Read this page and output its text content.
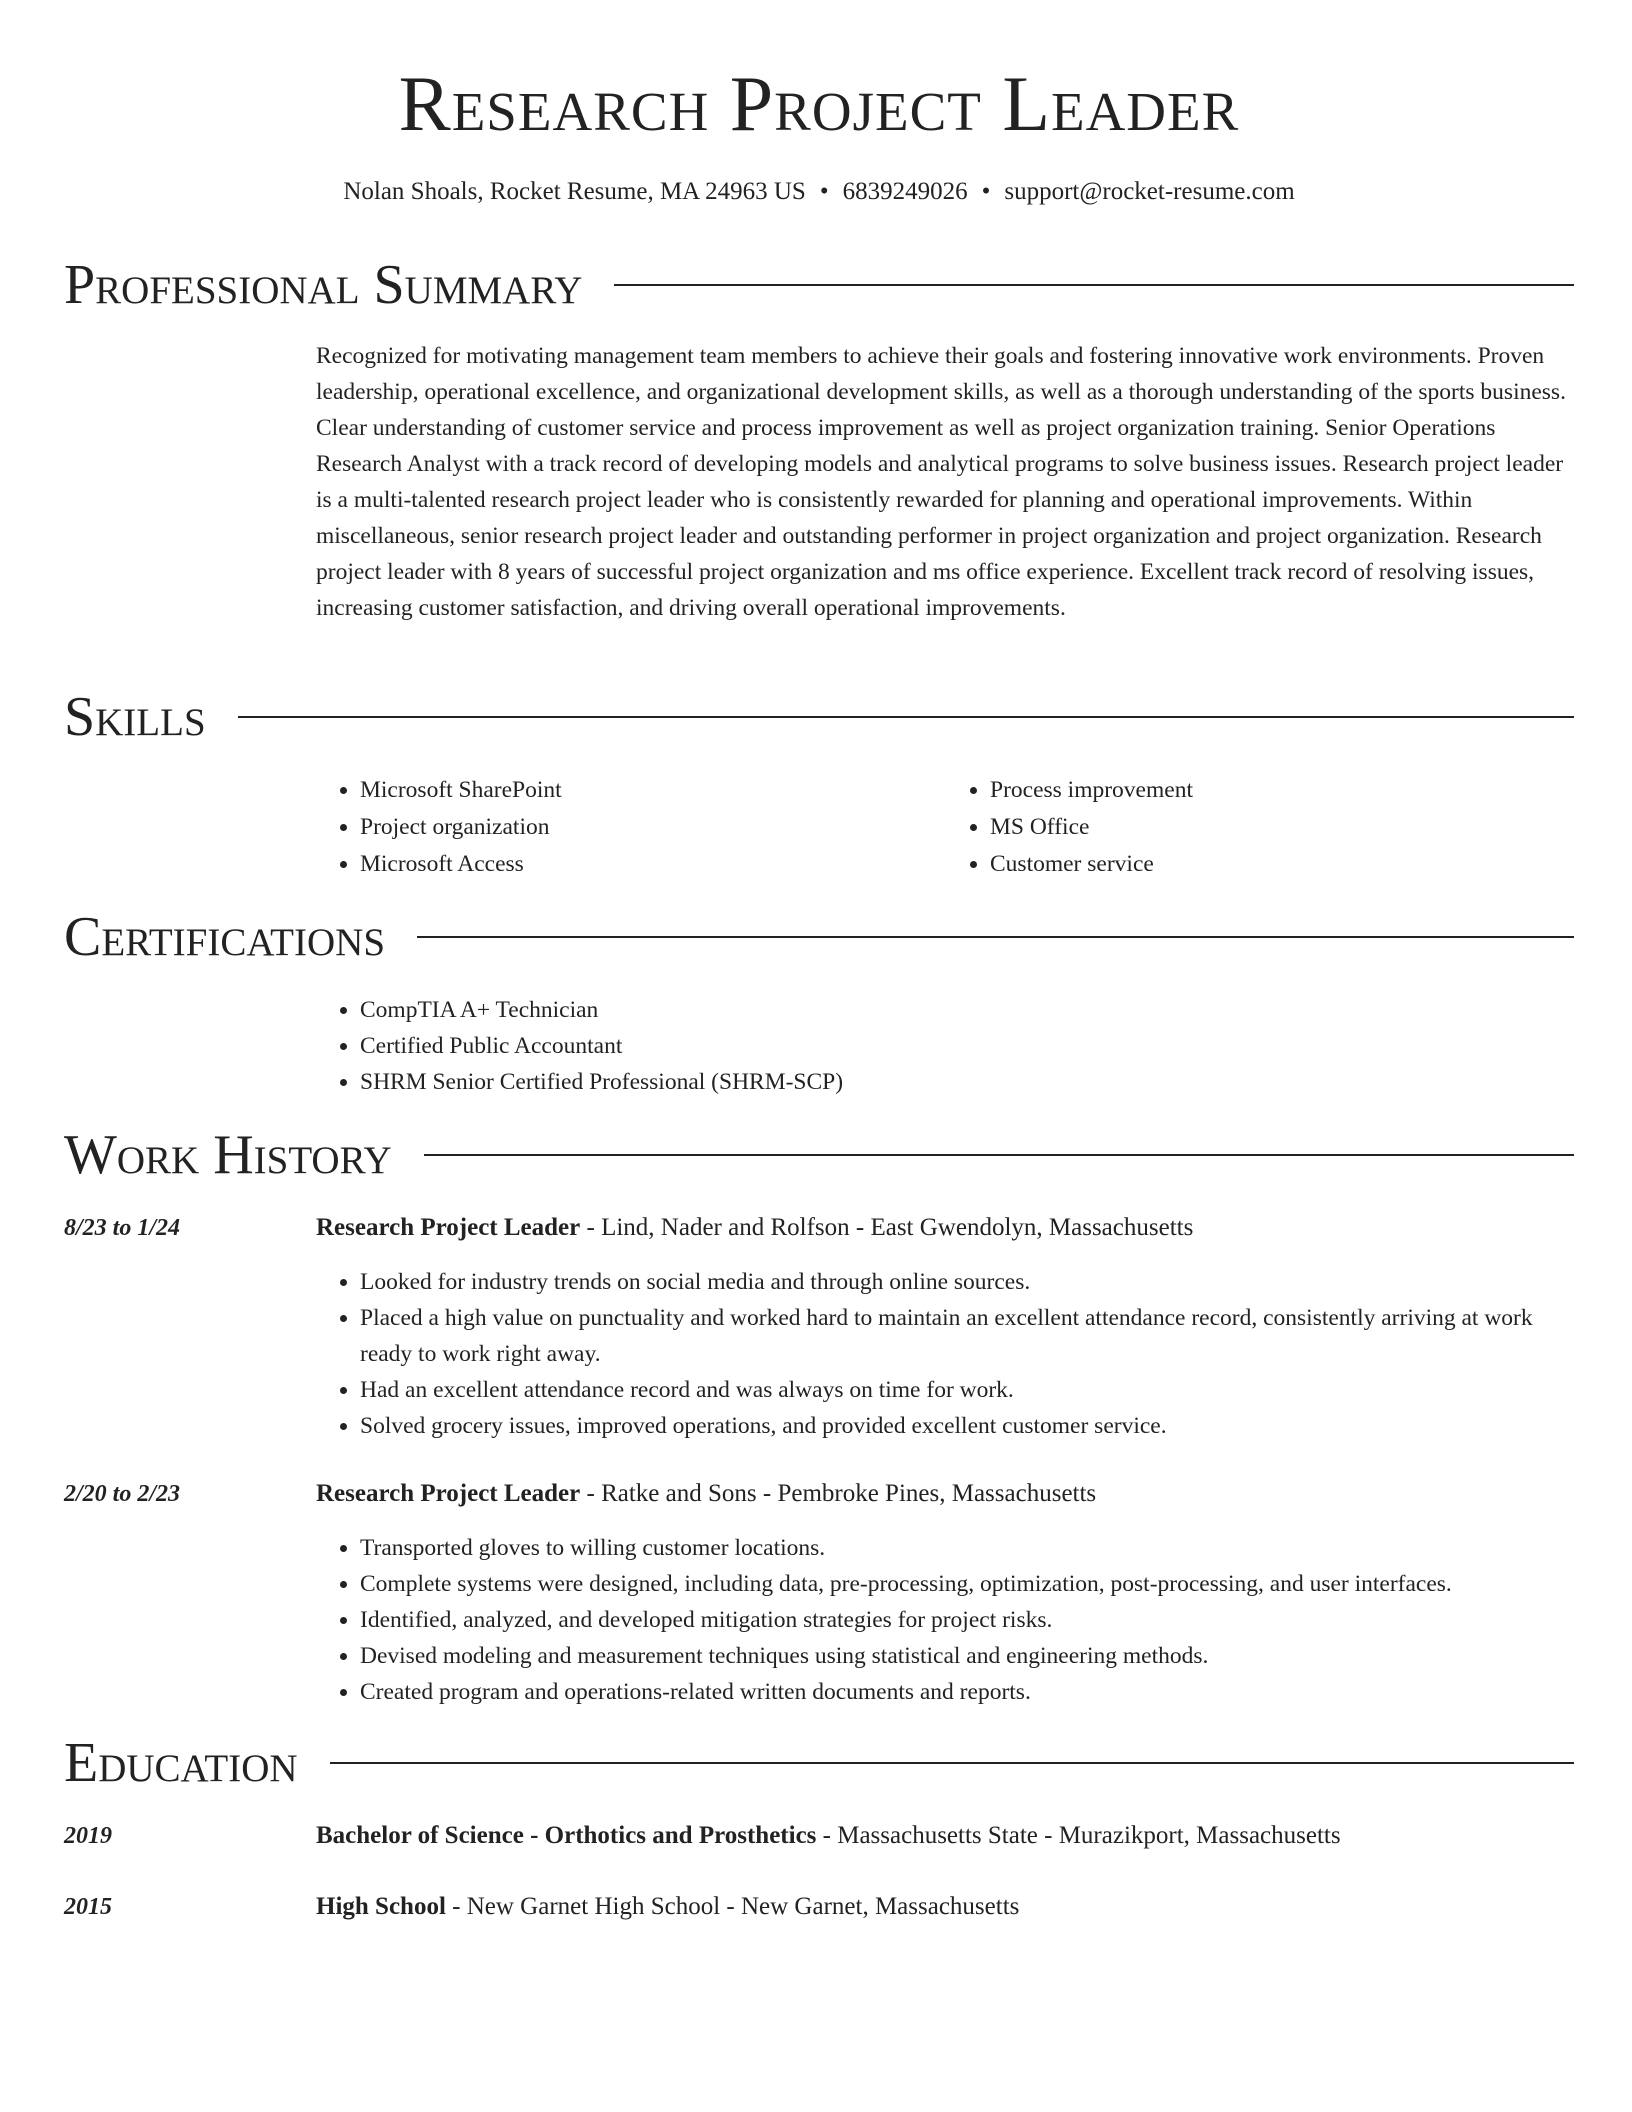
Research Project Leader
Nolan Shoals, Rocket Resume, MA 24963 US • 6839249026 • support@rocket-resume.com
Professional Summary
Recognized for motivating management team members to achieve their goals and fostering innovative work environments. Proven leadership, operational excellence, and organizational development skills, as well as a thorough understanding of the sports business. Clear understanding of customer service and process improvement as well as project organization training. Senior Operations Research Analyst with a track record of developing models and analytical programs to solve business issues. Research project leader is a multi-talented research project leader who is consistently rewarded for planning and operational improvements. Within miscellaneous, senior research project leader and outstanding performer in project organization and project organization. Research project leader with 8 years of successful project organization and ms office experience. Excellent track record of resolving issues, increasing customer satisfaction, and driving overall operational improvements.
Skills
• Microsoft SharePoint
• Project organization
• Microsoft Access
• Process improvement
• MS Office
• Customer service
Certifications
• CompTIA A+ Technician
• Certified Public Accountant
• SHRM Senior Certified Professional (SHRM-SCP)
Work History
8/23 to 1/24	Research Project Leader - Lind, Nader and Rolfson - East Gwendolyn, Massachusetts
• Looked for industry trends on social media and through online sources.
• Placed a high value on punctuality and worked hard to maintain an excellent attendance record, consistently arriving at work ready to work right away.
• Had an excellent attendance record and was always on time for work.
• Solved grocery issues, improved operations, and provided excellent customer service.
2/20 to 2/23	Research Project Leader - Ratke and Sons - Pembroke Pines, Massachusetts
• Transported gloves to willing customer locations.
• Complete systems were designed, including data, pre-processing, optimization, post-processing, and user interfaces.
• Identified, analyzed, and developed mitigation strategies for project risks.
• Devised modeling and measurement techniques using statistical and engineering methods.
• Created program and operations-related written documents and reports.
Education
2019	Bachelor of Science - Orthotics and Prosthetics - Massachusetts State - Murazikport, Massachusetts
2015	High School - New Garnet High School - New Garnet, Massachusetts
